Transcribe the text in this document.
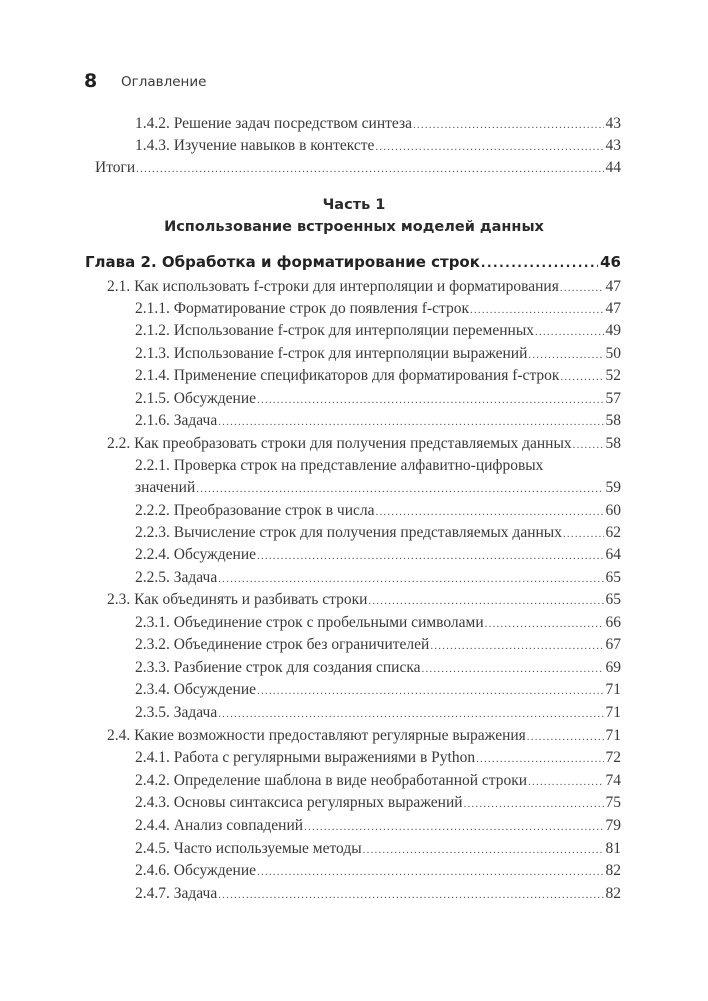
8 Оглавление
1.4.2. Решение задач посредством синтеза .....	43
1.4.3. Изучение навыков в контексте .....	43
Итоги .....	44
Часть 1
Использование встроенных моделей данных
Глава 2. Обработка и форматирование строк .....	46
2.1. Как использовать f-строки для интерполяции и форматирования .....	47
2.1.1. Форматирование строк до появления f-строк .....	47
2.1.2. Использование f-строк для интерполяции переменных .....	49
2.1.3. Использование f-строк для интерполяции выражений .....	50
2.1.4. Применение спецификаторов для форматирования f-строк .....	52
2.1.5. Обсуждение .....	57
2.1.6. Задача .....	58
2.2. Как преобразовать строки для получения представляемых данных ..... 58
2.2.1. Проверка строк на представление алфавитно-цифровых
значений .....	59
2.2.2. Преобразование строк в числа .....	60
2.2.3. Вычисление строк для получения представляемых данных .....	62
2.2.4. Обсуждение .....	64
2.2.5. Задача .....	65
2.3. Как объединять и разбивать строки .....	65
2.3.1. Объединение строк с пробельными символами .....	66
2.3.2. Объединение строк без ограничителей .....	67
2.3.3. Разбиение строк для создания списка .....	69
2.3.4. Обсуждение .....	71
2.3.5. Задача .....	71
2.4. Какие возможности предоставляют регулярные выражения .....	71
2.4.1. Работа с регулярными выражениями в Python .....	72
2.4.2. Определение шаблона в виде необработанной строки .....	74
2.4.3. Основы синтаксиса регулярных выражений .....	75
2.4.4. Анализ совпадений .....	79
2.4.5. Часто используемые методы .....	81
2.4.6. Обсуждение .....	82
2.4.7. Задача .....	82
